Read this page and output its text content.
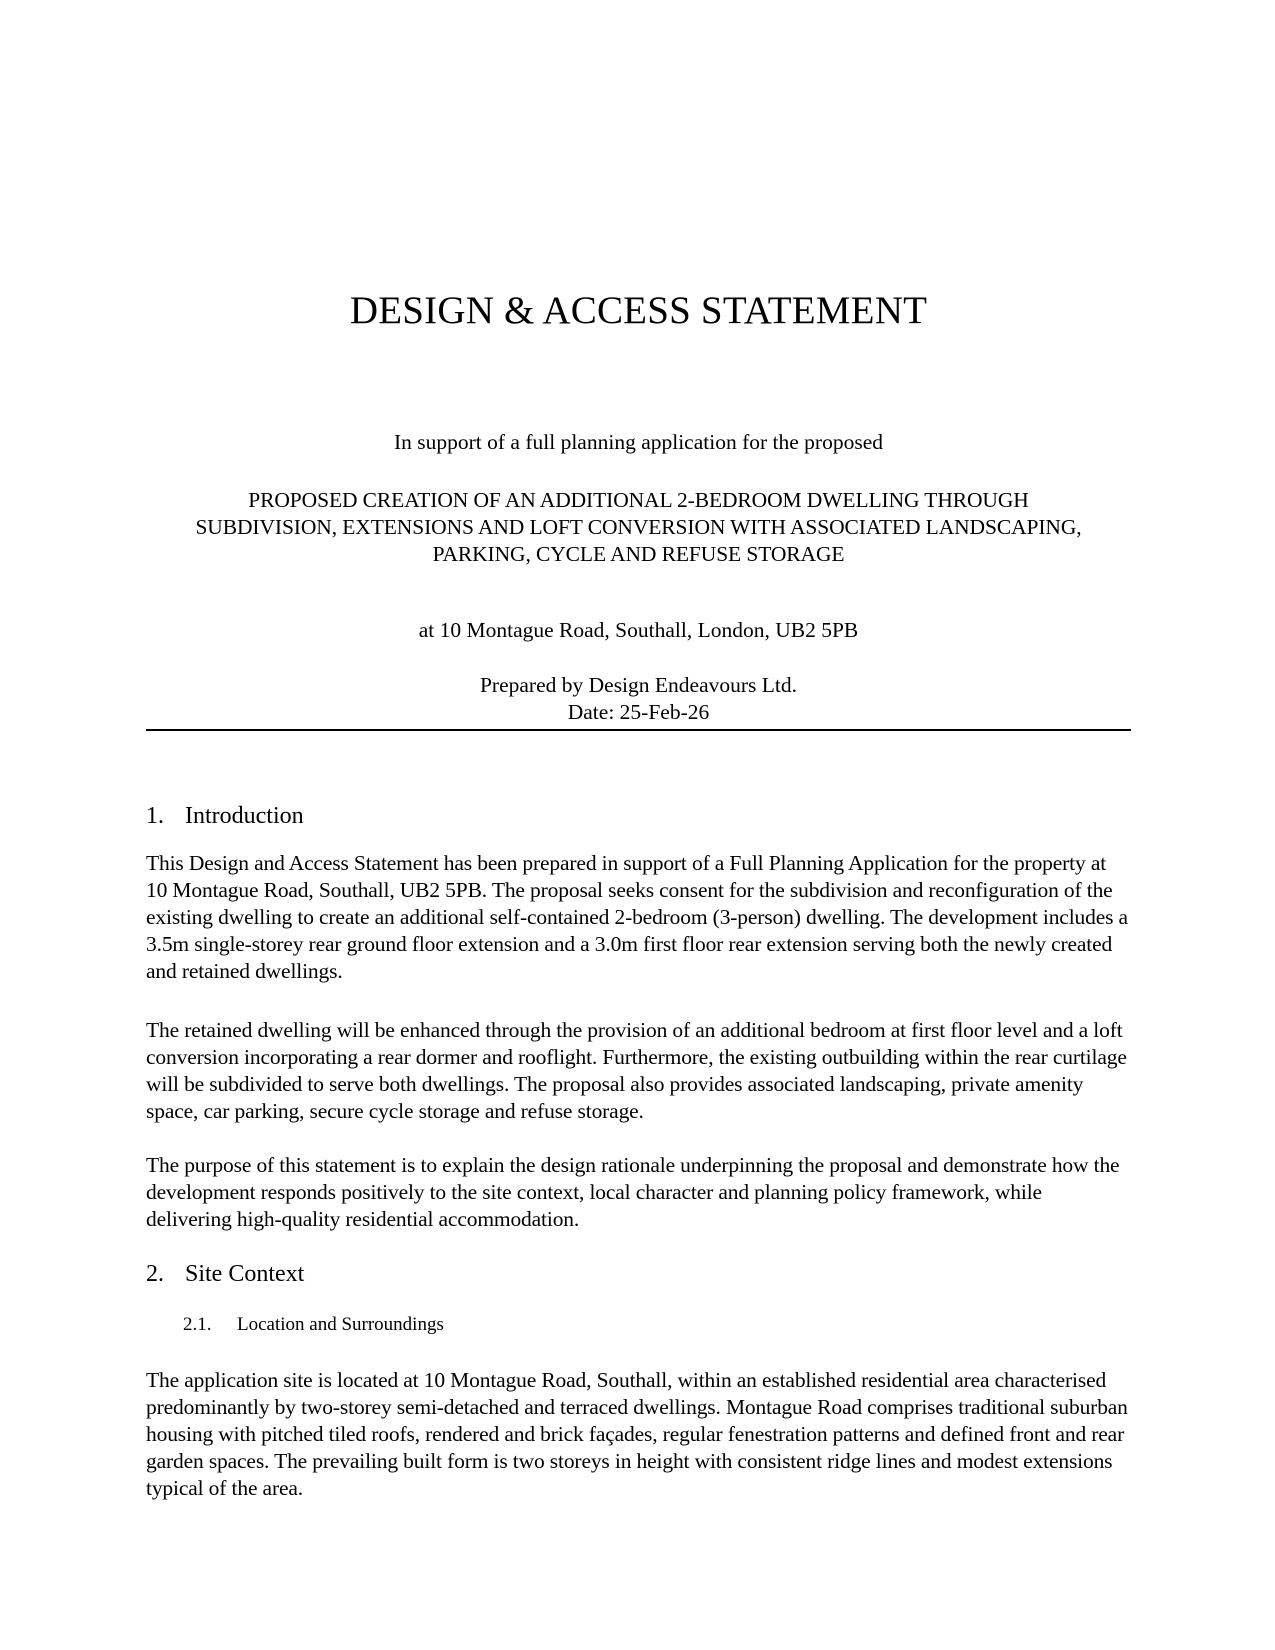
DESIGN & ACCESS STATEMENT
In support of a full planning application for the proposed
PROPOSED CREATION OF AN ADDITIONAL 2-BEDROOM DWELLING THROUGH
SUBDIVISION, EXTENSIONS AND LOFT CONVERSION WITH ASSOCIATED LANDSCAPING,
PARKING, CYCLE AND REFUSE STORAGE
at 10 Montague Road, Southall, London, UB2 5PB
Prepared by Design Endeavours Ltd.
Date: 25-Feb-26
1. Introduction

This Design and Access Statement has been prepared in support of a Full Planning Application for the property at 10 Montague Road, Southall, UB2 5PB. The proposal seeks consent for the subdivision and reconfiguration of the existing dwelling to create an additional self-contained 2-bedroom (3-person) dwelling. The development includes a 3.5m single-storey rear ground floor extension and a 3.0m first floor rear extension serving both the newly created and retained dwellings.

The retained dwelling will be enhanced through the provision of an additional bedroom at first floor level and a loft conversion incorporating a rear dormer and rooflight. Furthermore, the existing outbuilding within the rear curtilage will be subdivided to serve both dwellings. The proposal also provides associated landscaping, private amenity space, car parking, secure cycle storage and refuse storage.

The purpose of this statement is to explain the design rationale underpinning the proposal and demonstrate how the development responds positively to the site context, local character and planning policy framework, while delivering high-quality residential accommodation.

2. Site Context
2.1.	Location and Surroundings

The application site is located at 10 Montague Road, Southall, within an established residential area characterised predominantly by two-storey semi-detached and terraced dwellings. Montague Road comprises traditional suburban housing with pitched tiled roofs, rendered and brick façades, regular fenestration patterns and defined front and rear garden spaces. The prevailing built form is two storeys in height with consistent ridge lines and modest extensions typical of the area.
